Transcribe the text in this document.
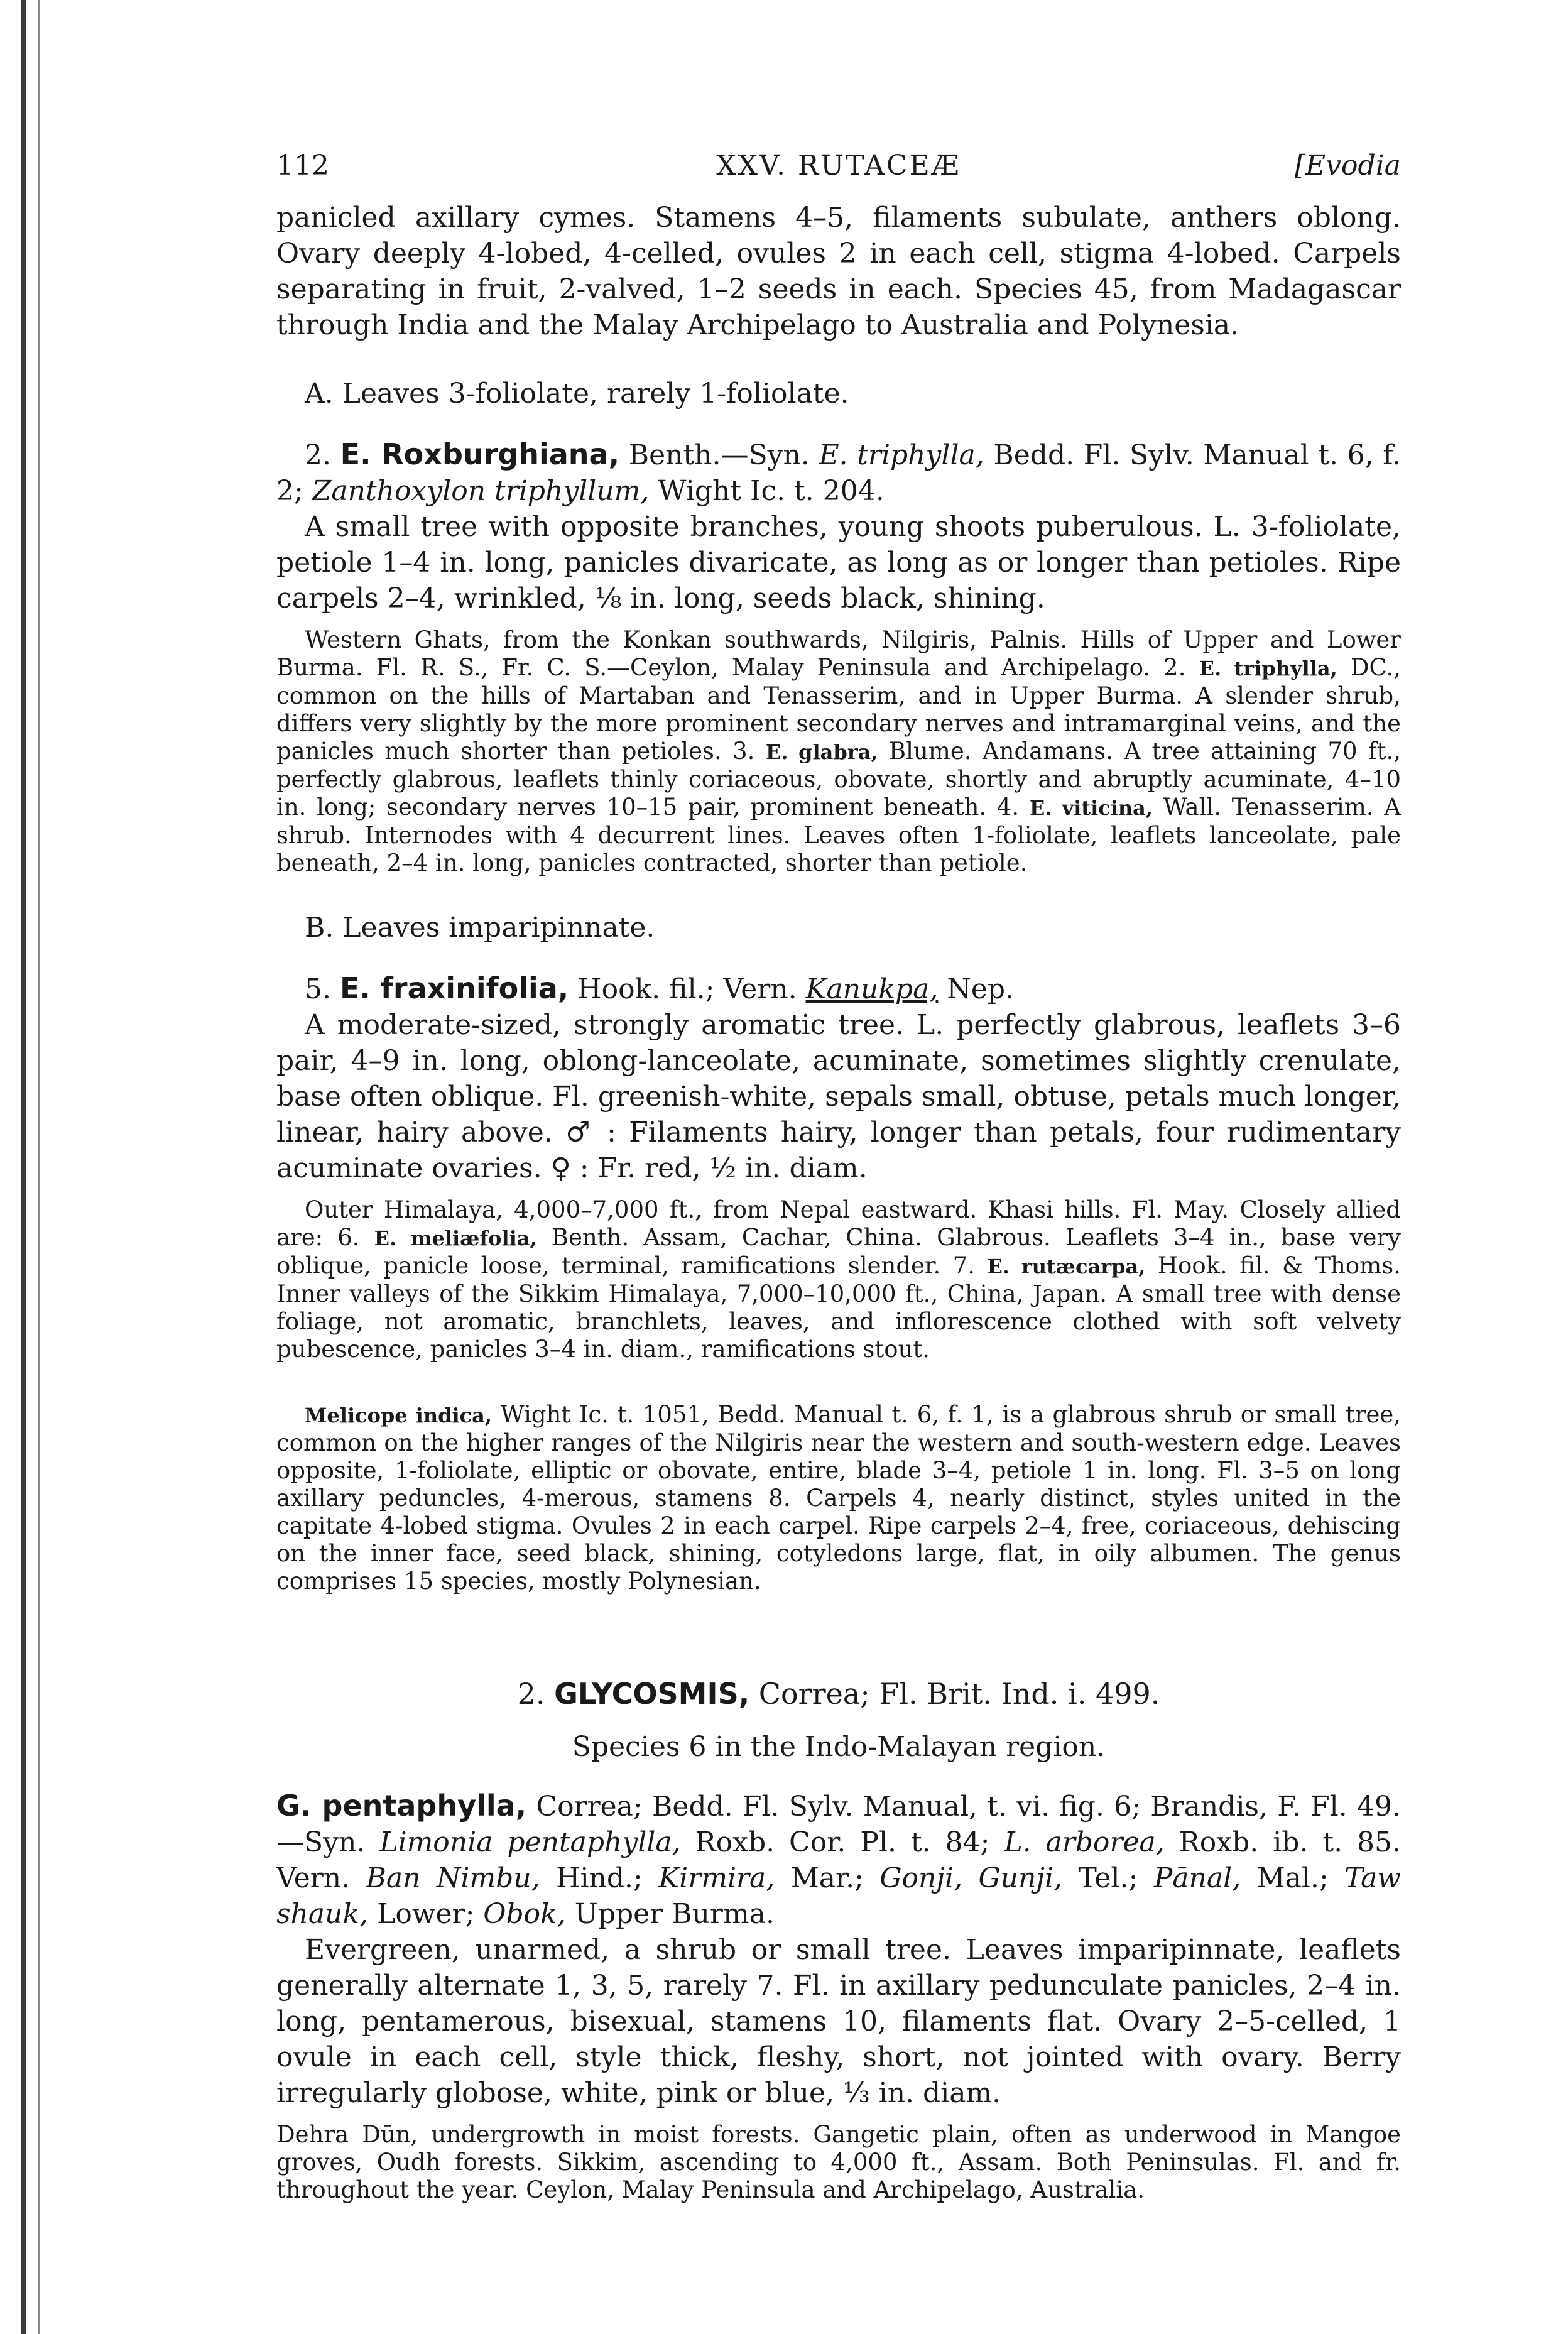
112	XXV. RUTACEÆ	[Evodia

panicled axillary cymes. Stamens 4–5, filaments subulate, anthers oblong. Ovary deeply 4-lobed, 4-celled, ovules 2 in each cell, stigma 4-lobed. Carpels separating in fruit, 2-valved, 1–2 seeds in each. Species 45, from Madagascar through India and the Malay Archipelago to Australia and Polynesia.

A. Leaves 3-foliolate, rarely 1-foliolate.

2. E. Roxburghiana, Benth.—Syn. E. triphylla, Bedd. Fl. Sylv. Manual t. 6, f. 2; Zanthoxylon triphyllum, Wight Ic. t. 204.

A small tree with opposite branches, young shoots puberulous. L. 3-foliolate, petiole 1–4 in. long, panicles divaricate, as long as or longer than petioles. Ripe carpels 2–4, wrinkled, ⅛ in. long, seeds black, shining.

Western Ghats, from the Konkan southwards, Nilgiris, Palnis. Hills of Upper and Lower Burma. Fl. R. S., Fr. C. S.—Ceylon, Malay Peninsula and Archipelago. 2. E. triphylla, DC., common on the hills of Martaban and Tenasserim, and in Upper Burma. A slender shrub, differs very slightly by the more prominent secondary nerves and intramarginal veins, and the panicles much shorter than petioles. 3. E. glabra, Blume. Andamans. A tree attaining 70 ft., perfectly glabrous, leaflets thinly coriaceous, obovate, shortly and abruptly acuminate, 4–10 in. long; secondary nerves 10–15 pair, prominent beneath. 4. E. viticina, Wall. Tenasserim. A shrub. Internodes with 4 decurrent lines. Leaves often 1-foliolate, leaflets lanceolate, pale beneath, 2–4 in. long, panicles contracted, shorter than petiole.

B. Leaves imparipinnate.

5. E. fraxinifolia, Hook. fil.; Vern. Kanukpa, Nep.

A moderate-sized, strongly aromatic tree. L. perfectly glabrous, leaflets 3–6 pair, 4–9 in. long, oblong-lanceolate, acuminate, sometimes slightly crenulate, base often oblique. Fl. greenish-white, sepals small, obtuse, petals much longer, linear, hairy above. ♂ : Filaments hairy, longer than petals, four rudimentary acuminate ovaries. ♀ : Fr. red, ½ in. diam.

Outer Himalaya, 4,000–7,000 ft., from Nepal eastward. Khasi hills. Fl. May. Closely allied are: 6. E. meliæfolia, Benth. Assam, Cachar, China. Glabrous. Leaflets 3–4 in., base very oblique, panicle loose, terminal, ramifications slender. 7. E. rutæcarpa, Hook. fil. & Thoms. Inner valleys of the Sikkim Himalaya, 7,000–10,000 ft., China, Japan. A small tree with dense foliage, not aromatic, branchlets, leaves, and inflorescence clothed with soft velvety pubescence, panicles 3–4 in. diam., ramifications stout.

Melicope indica, Wight Ic. t. 1051, Bedd. Manual t. 6, f. 1, is a glabrous shrub or small tree, common on the higher ranges of the Nilgiris near the western and south-western edge. Leaves opposite, 1-foliolate, elliptic or obovate, entire, blade 3–4, petiole 1 in. long. Fl. 3–5 on long axillary peduncles, 4-merous, stamens 8. Carpels 4, nearly distinct, styles united in the capitate 4-lobed stigma. Ovules 2 in each carpel. Ripe carpels 2–4, free, coriaceous, dehiscing on the inner face, seed black, shining, cotyledons large, flat, in oily albumen. The genus comprises 15 species, mostly Polynesian.

2. GLYCOSMIS, Correa; Fl. Brit. Ind. i. 499.
Species 6 in the Indo-Malayan region.

G. pentaphylla, Correa; Bedd. Fl. Sylv. Manual, t. vi. fig. 6; Brandis, F. Fl. 49.—Syn. Limonia pentaphylla, Roxb. Cor. Pl. t. 84; L. arborea, Roxb. ib. t. 85. Vern. Ban Nimbu, Hind.; Kirmira, Mar.; Gonji, Gunji, Tel.; Pānal, Mal.; Taw shauk, Lower; Obok, Upper Burma.

Evergreen, unarmed, a shrub or small tree. Leaves imparipinnate, leaflets generally alternate 1, 3, 5, rarely 7. Fl. in axillary pedunculate panicles, 2–4 in. long, pentamerous, bisexual, stamens 10, filaments flat. Ovary 2–5-celled, 1 ovule in each cell, style thick, fleshy, short, not jointed with ovary. Berry irregularly globose, white, pink or blue, ⅓ in. diam.

Dehra Dūn, undergrowth in moist forests. Gangetic plain, often as underwood in Mangoe groves, Oudh forests. Sikkim, ascending to 4,000 ft., Assam. Both Peninsulas. Fl. and fr. throughout the year. Ceylon, Malay Peninsula and Archipelago, Australia.
